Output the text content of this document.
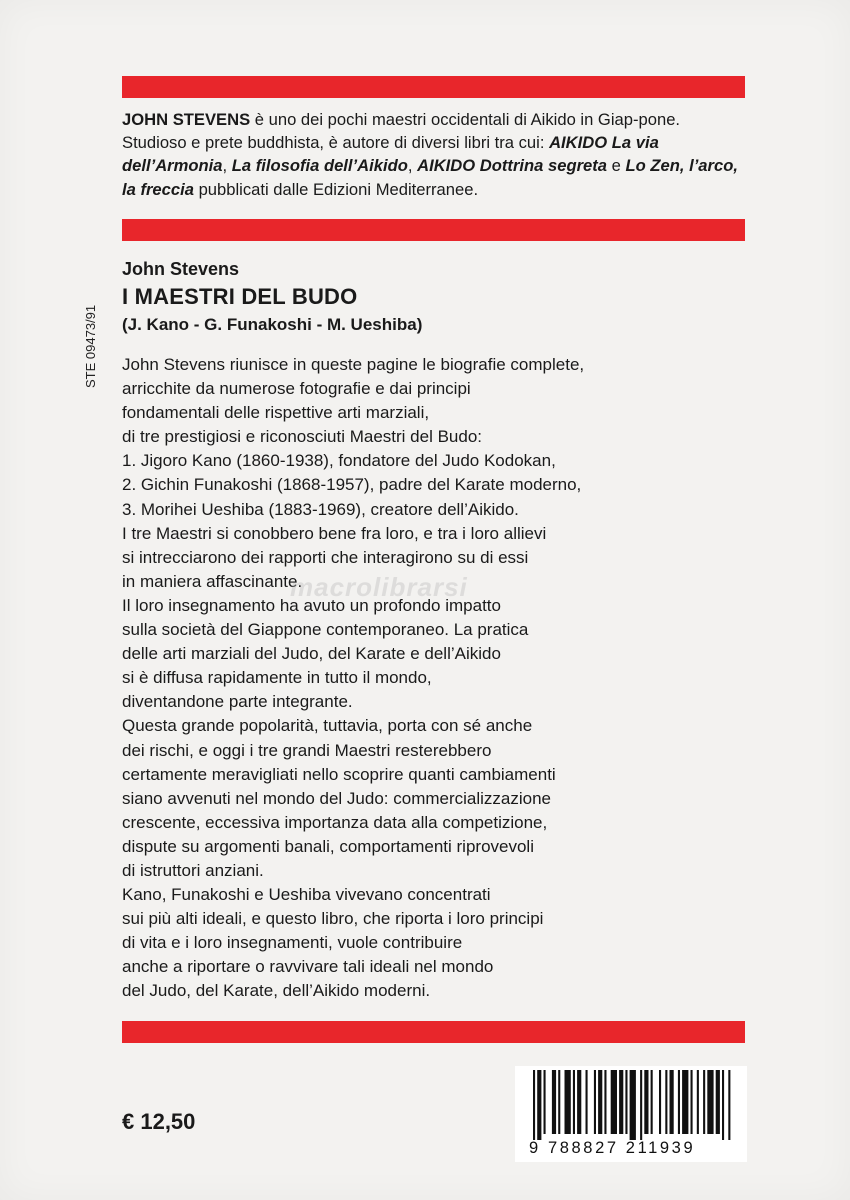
JOHN STEVENS è uno dei pochi maestri occidentali di Aikido in Giap-pone. Studioso e prete buddhista, è autore di diversi libri tra cui: AIKIDO La via dell’Armonia, La filosofia dell’Aikido, AIKIDO Dottrina segreta e Lo Zen, l’arco, la freccia pubblicati dalle Edizioni Mediterranee.
John Stevens
I MAESTRI DEL BUDO
(J. Kano - G. Funakoshi - M. Ueshiba)
STE 09473/91 John Stevens riunisce in queste pagine le biografie complete,
arricchite da numerose fotografie e dai principi
fondamentali delle rispettive arti marziali,
di tre prestigiosi e riconosciuti Maestri del Budo:
1. Jigoro Kano (1860-1938), fondatore del Judo Kodokan,
2. Gichin Funakoshi (1868-1957), padre del Karate moderno,
3. Morihei Ueshiba (1883-1969), creatore dell’Aikido.
I tre Maestri si conobbero bene fra loro, e tra i loro allievi
si intrecciarono dei rapporti che interagirono su di essi
in maniera affascinante.
Il loro insegnamento ha avuto un profondo impatto
sulla società del Giappone contemporaneo. La pratica
delle arti marziali del Judo, del Karate e dell’Aikido
si è diffusa rapidamente in tutto il mondo,
diventandone parte integrante.
Questa grande popolarità, tuttavia, porta con sé anche
dei rischi, e oggi i tre grandi Maestri resterebbero
certamente meravigliati nello scoprire quanti cambiamenti
siano avvenuti nel mondo del Judo: commercializzazione
crescente, eccessiva importanza data alla competizione,
dispute su argomenti banali, comportamenti riprovevoli
di istruttori anziani.
Kano, Funakoshi e Ueshiba vivevano concentrati
sui più alti ideali, e questo libro, che riporta i loro principi
di vita e i loro insegnamenti, vuole contribuire
anche a riportare o ravvivare tali ideali nel mondo
del Judo, del Karate, dell’Aikido moderni.
macrolibrarsi
€ 12,50
9 788827 211939
